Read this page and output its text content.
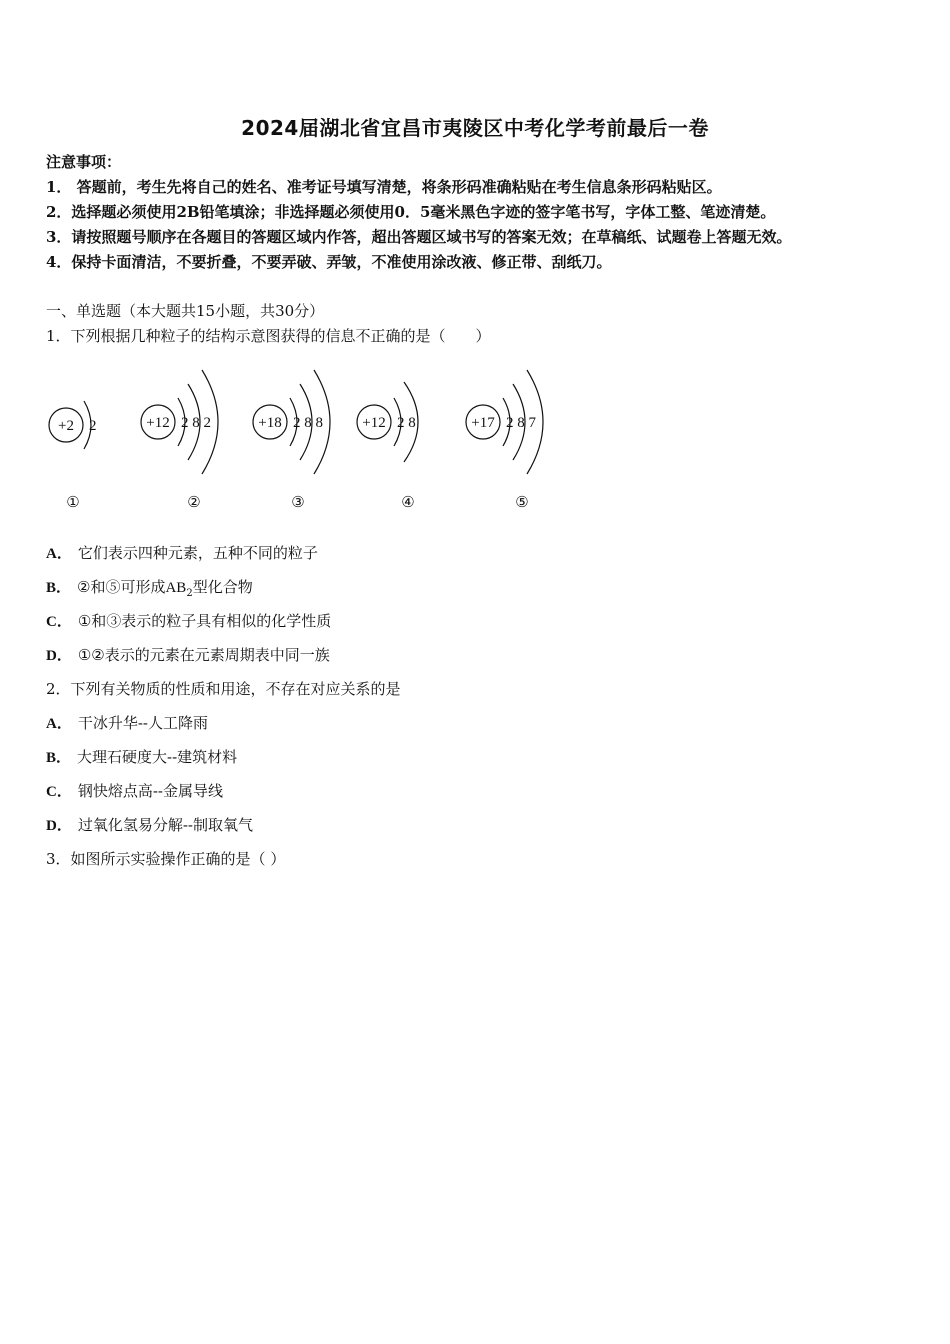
2024届湖北省宜昌市夷陵区中考化学考前最后一卷
注意事项：
1． 答题前，考生先将自己的姓名、准考证号填写清楚，将条形码准确粘贴在考生信息条形码粘贴区。
2．选择题必须使用2B铅笔填涂；非选择题必须使用0．5毫米黑色字迹的签字笔书写，字体工整、笔迹清楚。
3．请按照题号顺序在各题目的答题区域内作答，超出答题区域书写的答案无效；在草稿纸、试题卷上答题无效。
4．保持卡面清洁，不要折叠，不要弄破、弄皱，不准使用涂改液、修正带、刮纸刀。
一、单选题（本大题共15小题，共30分）
1．下列根据几种粒子的结构示意图获得的信息不正确的是（　　）
+2 2
①
+12 2 8 2
②
+18 2 8 8
③
+12 2 8
④
+17 2 8 7
⑤
A． 它们表示四种元素，五种不同的粒子
B． ②和⑤可形成$AB_2$型化合物
C． ①和③表示的粒子具有相似的化学性质
D． ①②表示的元素在元素周期表中同一族
2．下列有关物质的性质和用途，不存在对应关系的是
A． 干冰升华--人工降雨
B． 大理石硬度大--建筑材料
C． 钢快熔点高--金属导线
D． 过氧化氢易分解--制取氧气
3．如图所示实验操作正确的是（ ）
